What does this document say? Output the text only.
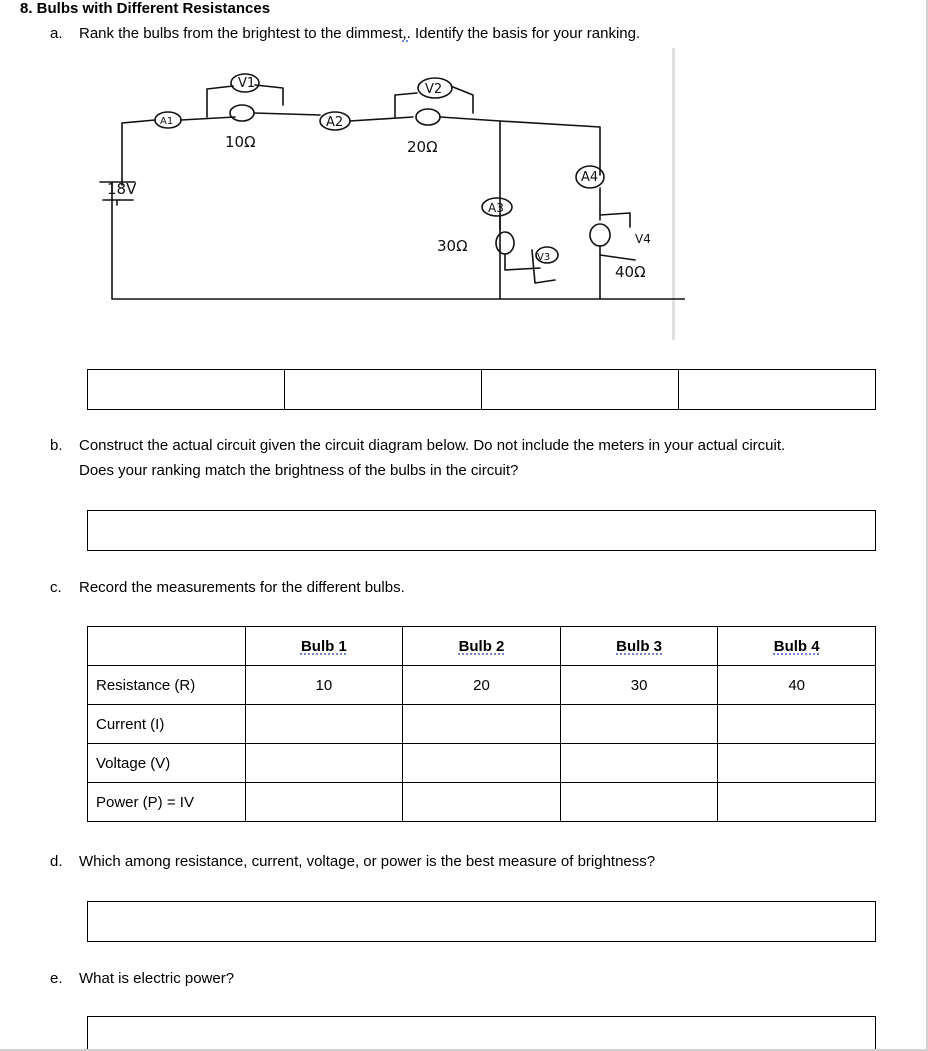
8. Bulbs with Different Resistances
a. Rank the bulbs from the brightest to the dimmest,. Identify the basis for your ranking.
V1	V2
A1	A2
A3
A4
V3
V4
10Ω	20Ω
30Ω
40Ω
18V
b. Construct the actual circuit given the circuit diagram below. Do not include the meters in your actual circuit.
Does your ranking match the brightness of the bulbs in the circuit?
c. Record the measurements for the different bulbs.
	Bulb 1	Bulb 2	Bulb 3	Bulb 4
Resistance (R)	10	20	30	40
Current (I)				
Voltage (V)				
Power (P) = IV				
d. Which among resistance, current, voltage, or power is the best measure of brightness?
e. What is electric power?
